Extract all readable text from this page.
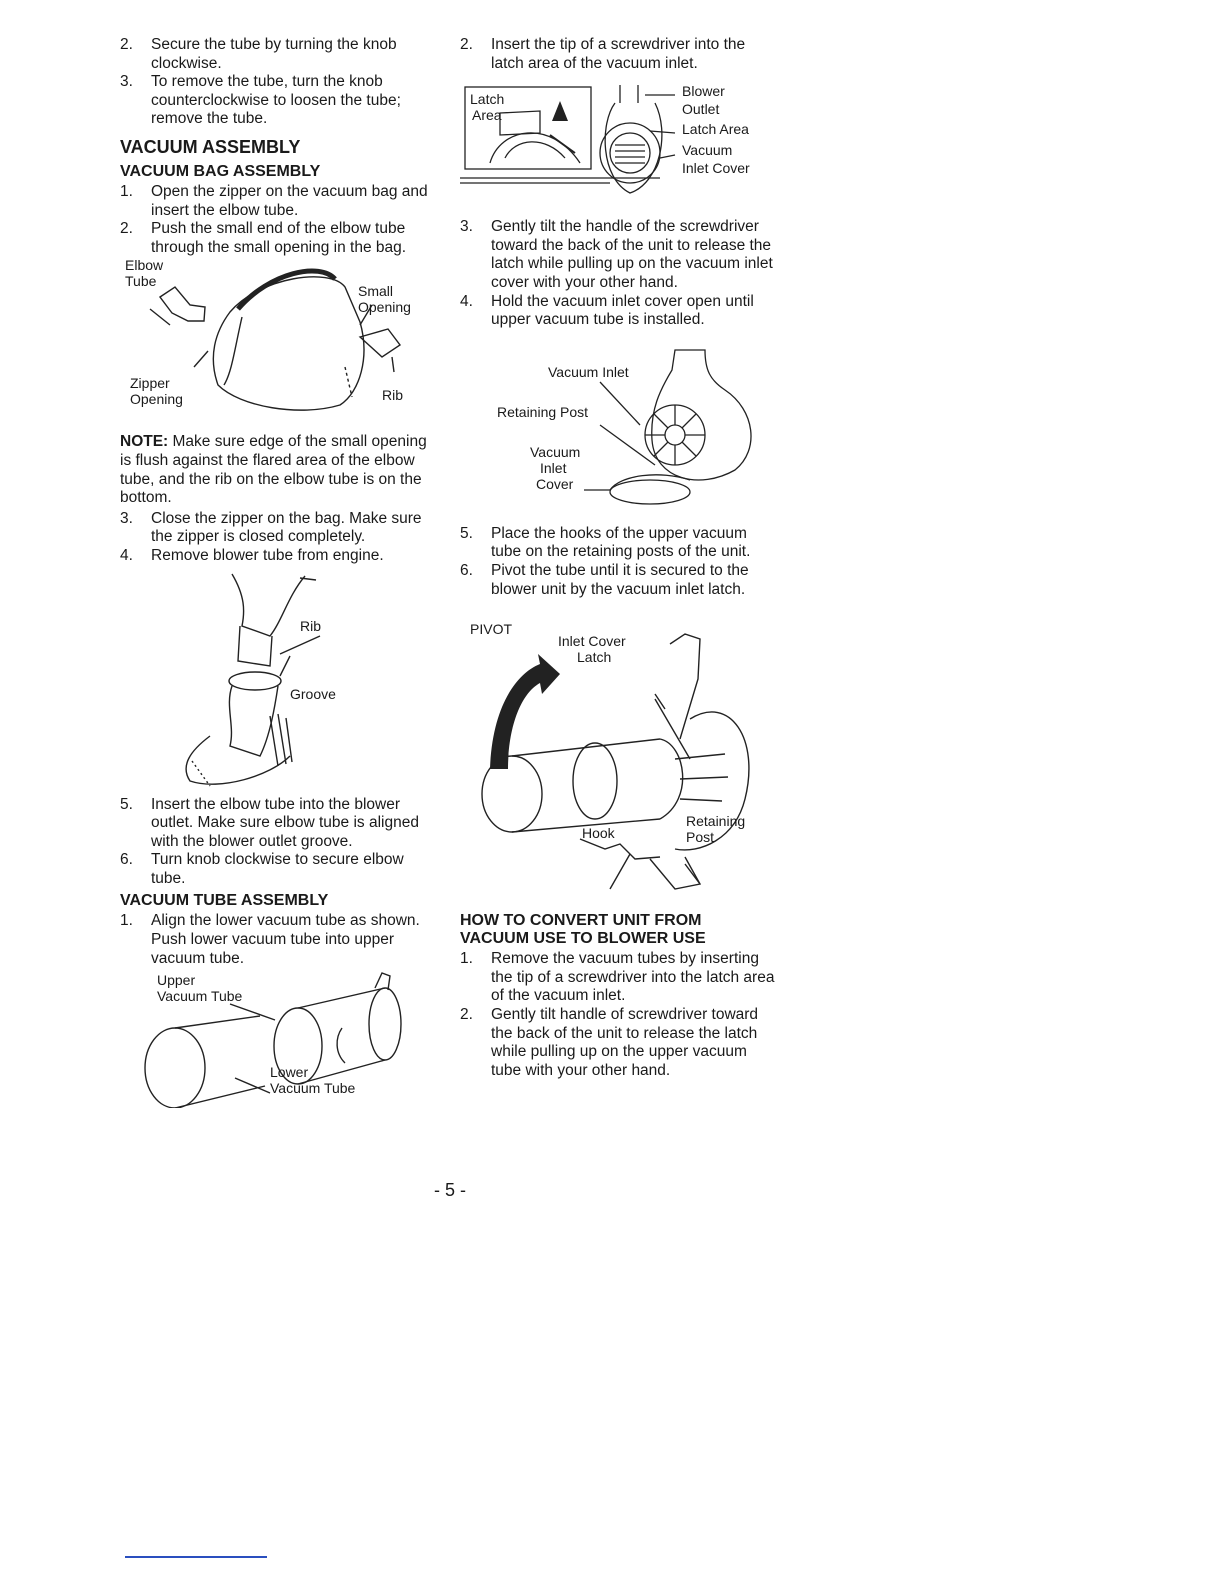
2. Secure the tube by turning the knob clockwise.

3. To remove the tube, turn the knob counterclockwise to loosen the tube; remove the tube.

VACUUM ASSEMBLY
VACUUM BAG ASSEMBLY

1. Open the zipper on the vacuum bag and insert the elbow tube.

2. Push the small end of the elbow tube through the small opening in the bag.

Elbow
Tube
Small
Opening
Zipper
Opening	Rib

NOTE: Make sure edge of the small opening is flush against the flared area of the elbow tube, and the rib on the elbow tube is on the bottom.

3. Close the zipper on the bag. Make sure the zipper is closed completely.

4. Remove blower tube from engine.

Rib
Groove

5. Insert the elbow tube into the blower outlet. Make sure elbow tube is aligned with the blower outlet groove.

6. Turn knob clockwise to secure elbow tube.

VACUUM TUBE ASSEMBLY

1. Align the lower vacuum tube as shown. Push lower vacuum tube into upper vacuum tube.

Upper
Vacuum Tube
Lower
Vacuum Tube

2. Insert the tip of a screwdriver into the latch area of the vacuum inlet.

Latch
Area
Blower
Outlet
Latch Area
Vacuum
Inlet Cover

3. Gently tilt the handle of the screwdriver toward the back of the unit to release the latch while pulling up on the vacuum inlet cover with your other hand.

4. Hold the vacuum inlet cover open until upper vacuum tube is installed.

Vacuum Inlet
Retaining Post
Vacuum
Inlet
Cover

5. Place the hooks of the upper vacuum tube on the retaining posts of the unit.

6. Pivot the tube until it is secured to the blower unit by the vacuum inlet latch.

PIVOT
Inlet Cover
Latch
Hook
Retaining
Post
HOW TO CONVERT UNIT FROM
VACUUM USE TO BLOWER USE

1. Remove the vacuum tubes by inserting the tip of a screwdriver into the latch area of the vacuum inlet.

2. Gently tilt handle of screwdriver toward the back of the unit to release the latch while pulling up on the upper vacuum tube with your other hand.

- 5 -
